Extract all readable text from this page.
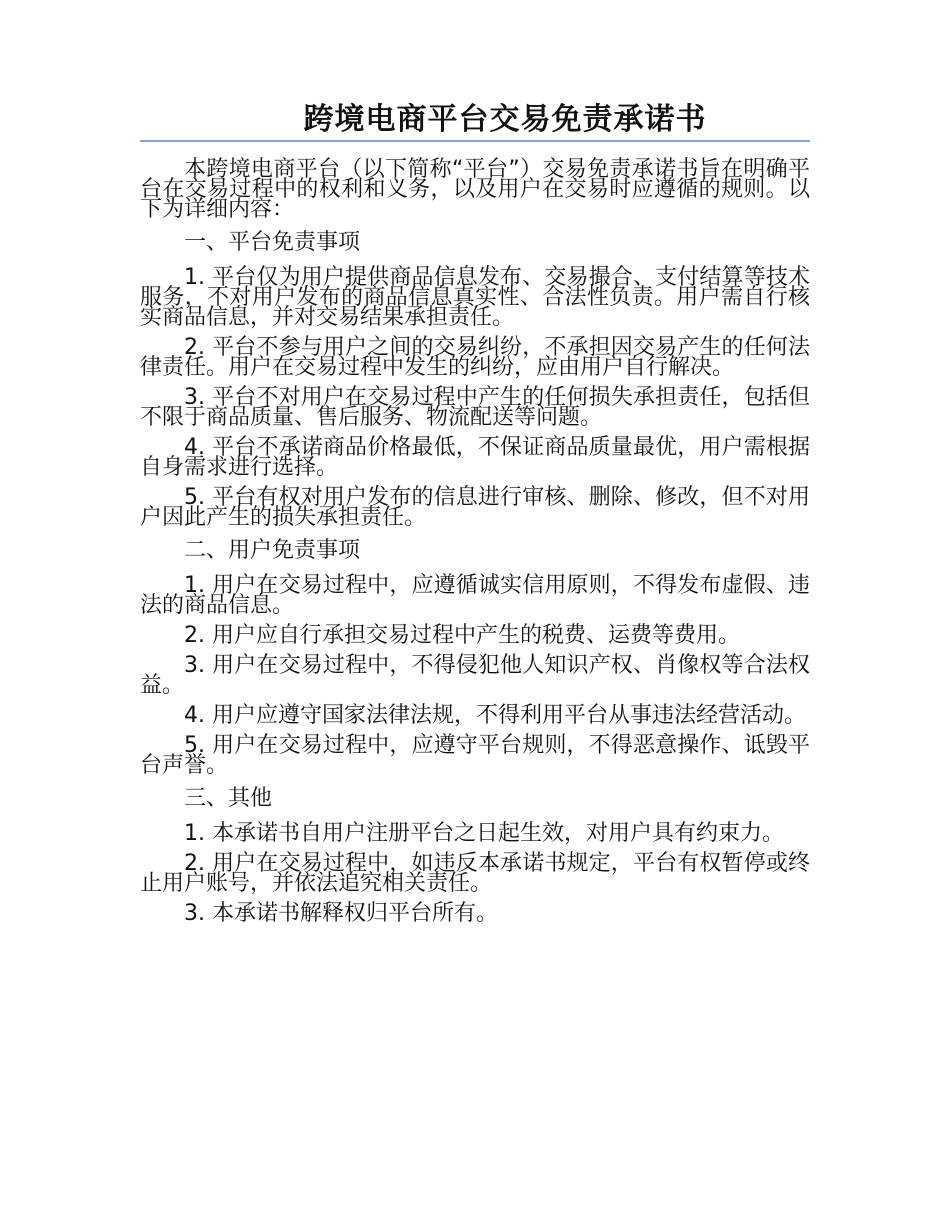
跨境电商平台交易免责承诺书

本跨境电商平台（以下简称“平台”）交易免责承诺书旨在明确平台在交易过程中的权利和义务，以及用户在交易时应遵循的规则。以下为详细内容：

一、平台免责事项

1. 平台仅为用户提供商品信息发布、交易撮合、支付结算等技术服务，不对用户发布的商品信息真实性、合法性负责。用户需自行核实商品信息，并对交易结果承担责任。

2. 平台不参与用户之间的交易纠纷，不承担因交易产生的任何法律责任。用户在交易过程中发生的纠纷，应由用户自行解决。

3. 平台不对用户在交易过程中产生的任何损失承担责任，包括但不限于商品质量、售后服务、物流配送等问题。

4. 平台不承诺商品价格最低，不保证商品质量最优，用户需根据自身需求进行选择。

5. 平台有权对用户发布的信息进行审核、删除、修改，但不对用户因此产生的损失承担责任。

二、用户免责事项

1. 用户在交易过程中，应遵循诚实信用原则，不得发布虚假、违法的商品信息。

2. 用户应自行承担交易过程中产生的税费、运费等费用。

3. 用户在交易过程中，不得侵犯他人知识产权、肖像权等合法权益。

4. 用户应遵守国家法律法规，不得利用平台从事违法经营活动。

5. 用户在交易过程中，应遵守平台规则，不得恶意操作、诋毁平台声誉。

三、其他

1. 本承诺书自用户注册平台之日起生效，对用户具有约束力。

2. 用户在交易过程中，如违反本承诺书规定，平台有权暂停或终止用户账号，并依法追究相关责任。

3. 本承诺书解释权归平台所有。
